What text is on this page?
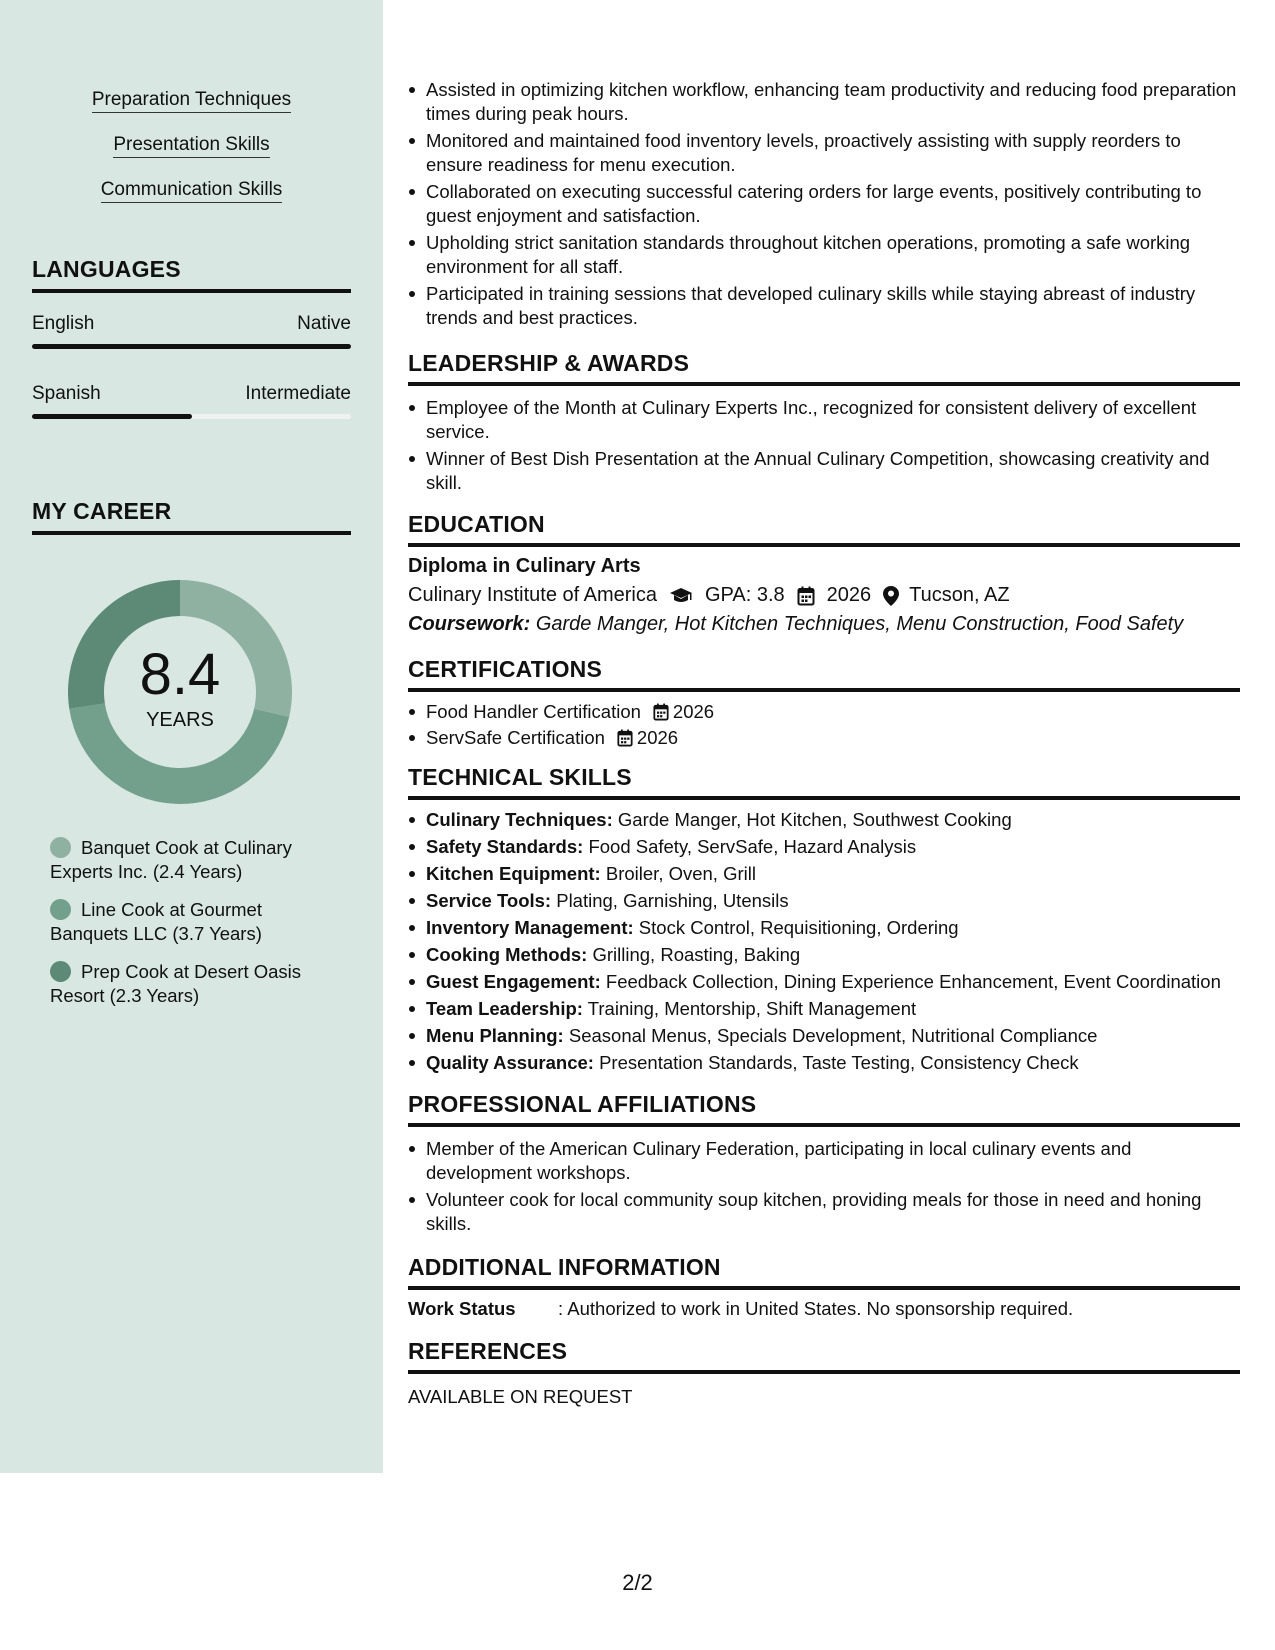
Preparation Techniques
Presentation Skills
Communication Skills
LANGUAGES
English	Native
Spanish	Intermediate
MY CAREER
8.4
YEARS
Banquet Cook at Culinary Experts Inc. (2.4 Years)
Line Cook at Gourmet Banquets LLC (3.7 Years)
Prep Cook at Desert Oasis Resort (2.3 Years)
Assisted in optimizing kitchen workflow, enhancing team productivity and reducing food preparation times during peak hours.
Monitored and maintained food inventory levels, proactively assisting with supply reorders to ensure readiness for menu execution.
Collaborated on executing successful catering orders for large events, positively contributing to guest enjoyment and satisfaction.
Upholding strict sanitation standards throughout kitchen operations, promoting a safe working environment for all staff.
Participated in training sessions that developed culinary skills while staying abreast of industry trends and best practices.
LEADERSHIP & AWARDS
Employee of the Month at Culinary Experts Inc., recognized for consistent delivery of excellent service.
Winner of Best Dish Presentation at the Annual Culinary Competition, showcasing creativity and skill.
EDUCATION
Diploma in Culinary Arts
Culinary Institute of America GPA: 3.8 2026 Tucson, AZ
Coursework: Garde Manger, Hot Kitchen Techniques, Menu Construction, Food Safety
CERTIFICATIONS
Food Handler Certification 2026
ServSafe Certification 2026
TECHNICAL SKILLS
Culinary Techniques: Garde Manger, Hot Kitchen, Southwest Cooking
Safety Standards: Food Safety, ServSafe, Hazard Analysis
Kitchen Equipment: Broiler, Oven, Grill
Service Tools: Plating, Garnishing, Utensils
Inventory Management: Stock Control, Requisitioning, Ordering
Cooking Methods: Grilling, Roasting, Baking
Guest Engagement: Feedback Collection, Dining Experience Enhancement, Event Coordination
Team Leadership: Training, Mentorship, Shift Management
Menu Planning: Seasonal Menus, Specials Development, Nutritional Compliance
Quality Assurance: Presentation Standards, Taste Testing, Consistency Check
PROFESSIONAL AFFILIATIONS
Member of the American Culinary Federation, participating in local culinary events and development workshops.
Volunteer cook for local community soup kitchen, providing meals for those in need and honing skills.
ADDITIONAL INFORMATION
Work Status	: Authorized to work in United States. No sponsorship required.
REFERENCES
AVAILABLE ON REQUEST
2/2
